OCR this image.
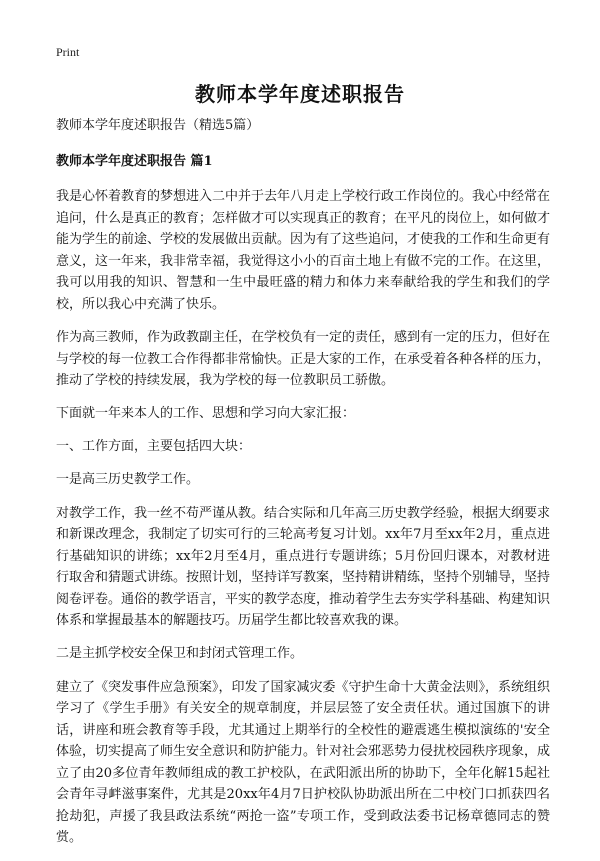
Print
教师本学年度述职报告

教师本学年度述职报告（精选5篇）

教师本学年度述职报告 篇1

我是心怀着教育的梦想进入二中并于去年八月走上学校行政工作岗位的。我心中经常在追问，什么是真正的教育；怎样做才可以实现真正的教育；在平凡的岗位上，如何做才能为学生的前途、学校的发展做出贡献。因为有了这些追问，才使我的工作和生命更有意义，这一年来，我非常幸福，我觉得这小小的百亩土地上有做不完的工作。在这里，我可以用我的知识、智慧和一生中最旺盛的精力和体力来奉献给我的学生和我们的学校，所以我心中充满了快乐。

作为高三教师，作为政教副主任，在学校负有一定的责任，感到有一定的压力，但好在与学校的每一位教工合作得都非常愉快。正是大家的工作，在承受着各种各样的压力，推动了学校的持续发展，我为学校的每一位教职员工骄傲。

下面就一年来本人的工作、思想和学习向大家汇报：

一、工作方面，主要包括四大块：

一是高三历史教学工作。

对教学工作，我一丝不苟严谨从教。结合实际和几年高三历史教学经验，根据大纲要求和新课改理念，我制定了切实可行的三轮高考复习计划。xx年7月至xx年2月，重点进行基础知识的讲练；xx年2月至4月，重点进行专题讲练；5月份回归课本，对教材进行取舍和猜题式讲练。按照计划，坚持详写教案，坚持精讲精练，坚持个别辅导，坚持阅卷评卷。通俗的教学语言，平实的教学态度，推动着学生去夯实学科基础、构建知识体系和掌握最基本的解题技巧。历届学生都比较喜欢我的课。

二是主抓学校安全保卫和封闭式管理工作。

建立了《突发事件应急预案》，印发了国家减灾委《守护生命十大黄金法则》，系统组织学习了《学生手册》有关安全的规章制度，并层层签了安全责任状。通过国旗下的讲话，讲座和班会教育等手段，尤其通过上期举行的全校性的避震逃生模拟演练的'安全体验，切实提高了师生安全意识和防护能力。针对社会邪恶势力侵扰校园秩序现象，成立了由20多位青年教师组成的教工护校队，在武阳派出所的协助下，全年化解15起社会青年寻衅滋事案件，尤其是20xx年4月7日护校队协助派出所在二中校门口抓获四名抢劫犯，声援了我县政法系统“两抢一盗”专项工作，受到政法委书记杨章德同志的赞赏。
